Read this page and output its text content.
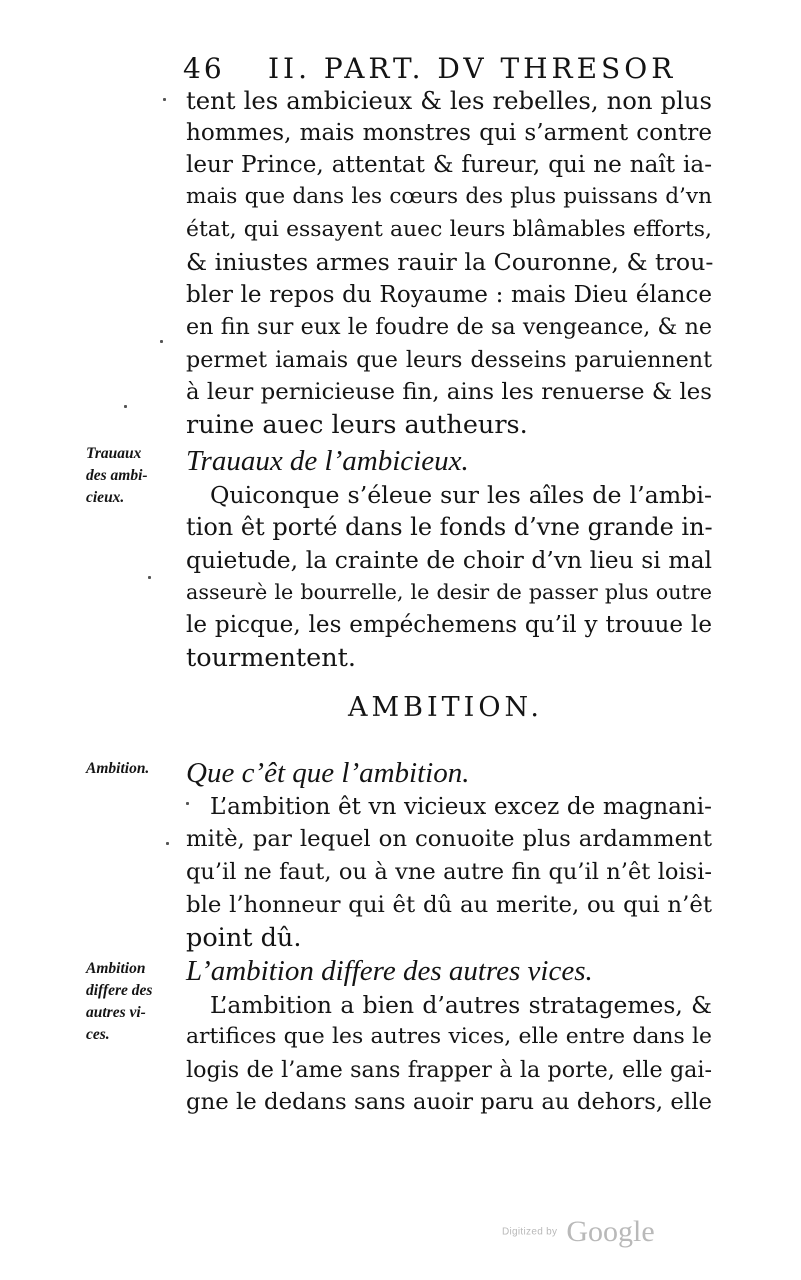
46 II. PART. DV THRESOR
tent les ambicieux & les rebelles, non plus
hommes, mais monstres qui s’arment contre
leur Prince, attentat & fureur, qui ne naît ia-
mais que dans les cœurs des plus puissans d’vn
état, qui essayent auec leurs blâmables efforts,
& iniustes armes rauir la Couronne, & trou-
bler le repos du Royaume : mais Dieu élance
en fin sur eux le foudre de sa vengeance, & ne
permet iamais que leurs desseins paruiennent
à leur pernicieuse fin, ains les renuerse & les
ruine auec leurs autheurs.
Trauaux
des ambi-
cieux.
Trauaux de l’ambicieux.
Quiconque s’éleue sur les aîles de l’ambi-
tion êt porté dans le fonds d’vne grande in-
quietude, la crainte de choir d’vn lieu si mal
asseurè le bourrelle, le desir de passer plus outre
le picque, les empéchemens qu’il y trouue le
tourmentent.
AMBITION.
Ambition.	Que c’êt que l’ambition.
L’ambition êt vn vicieux excez de magnani-
mitè, par lequel on conuoite plus ardamment
qu’il ne faut, ou à vne autre fin qu’il n’êt loisi-
ble l’honneur qui êt dû au merite, ou qui n’êt
point dû.
Ambition
differe des
autres vi-
ces.
L’ambition differe des autres vices.
L’ambition a bien d’autres stratagemes, &
artifices que les autres vices, elle entre dans le
logis de l’ame sans frapper à la porte, elle gai-
gne le dedans sans auoir paru au dehors, elle
Digitized by Google
